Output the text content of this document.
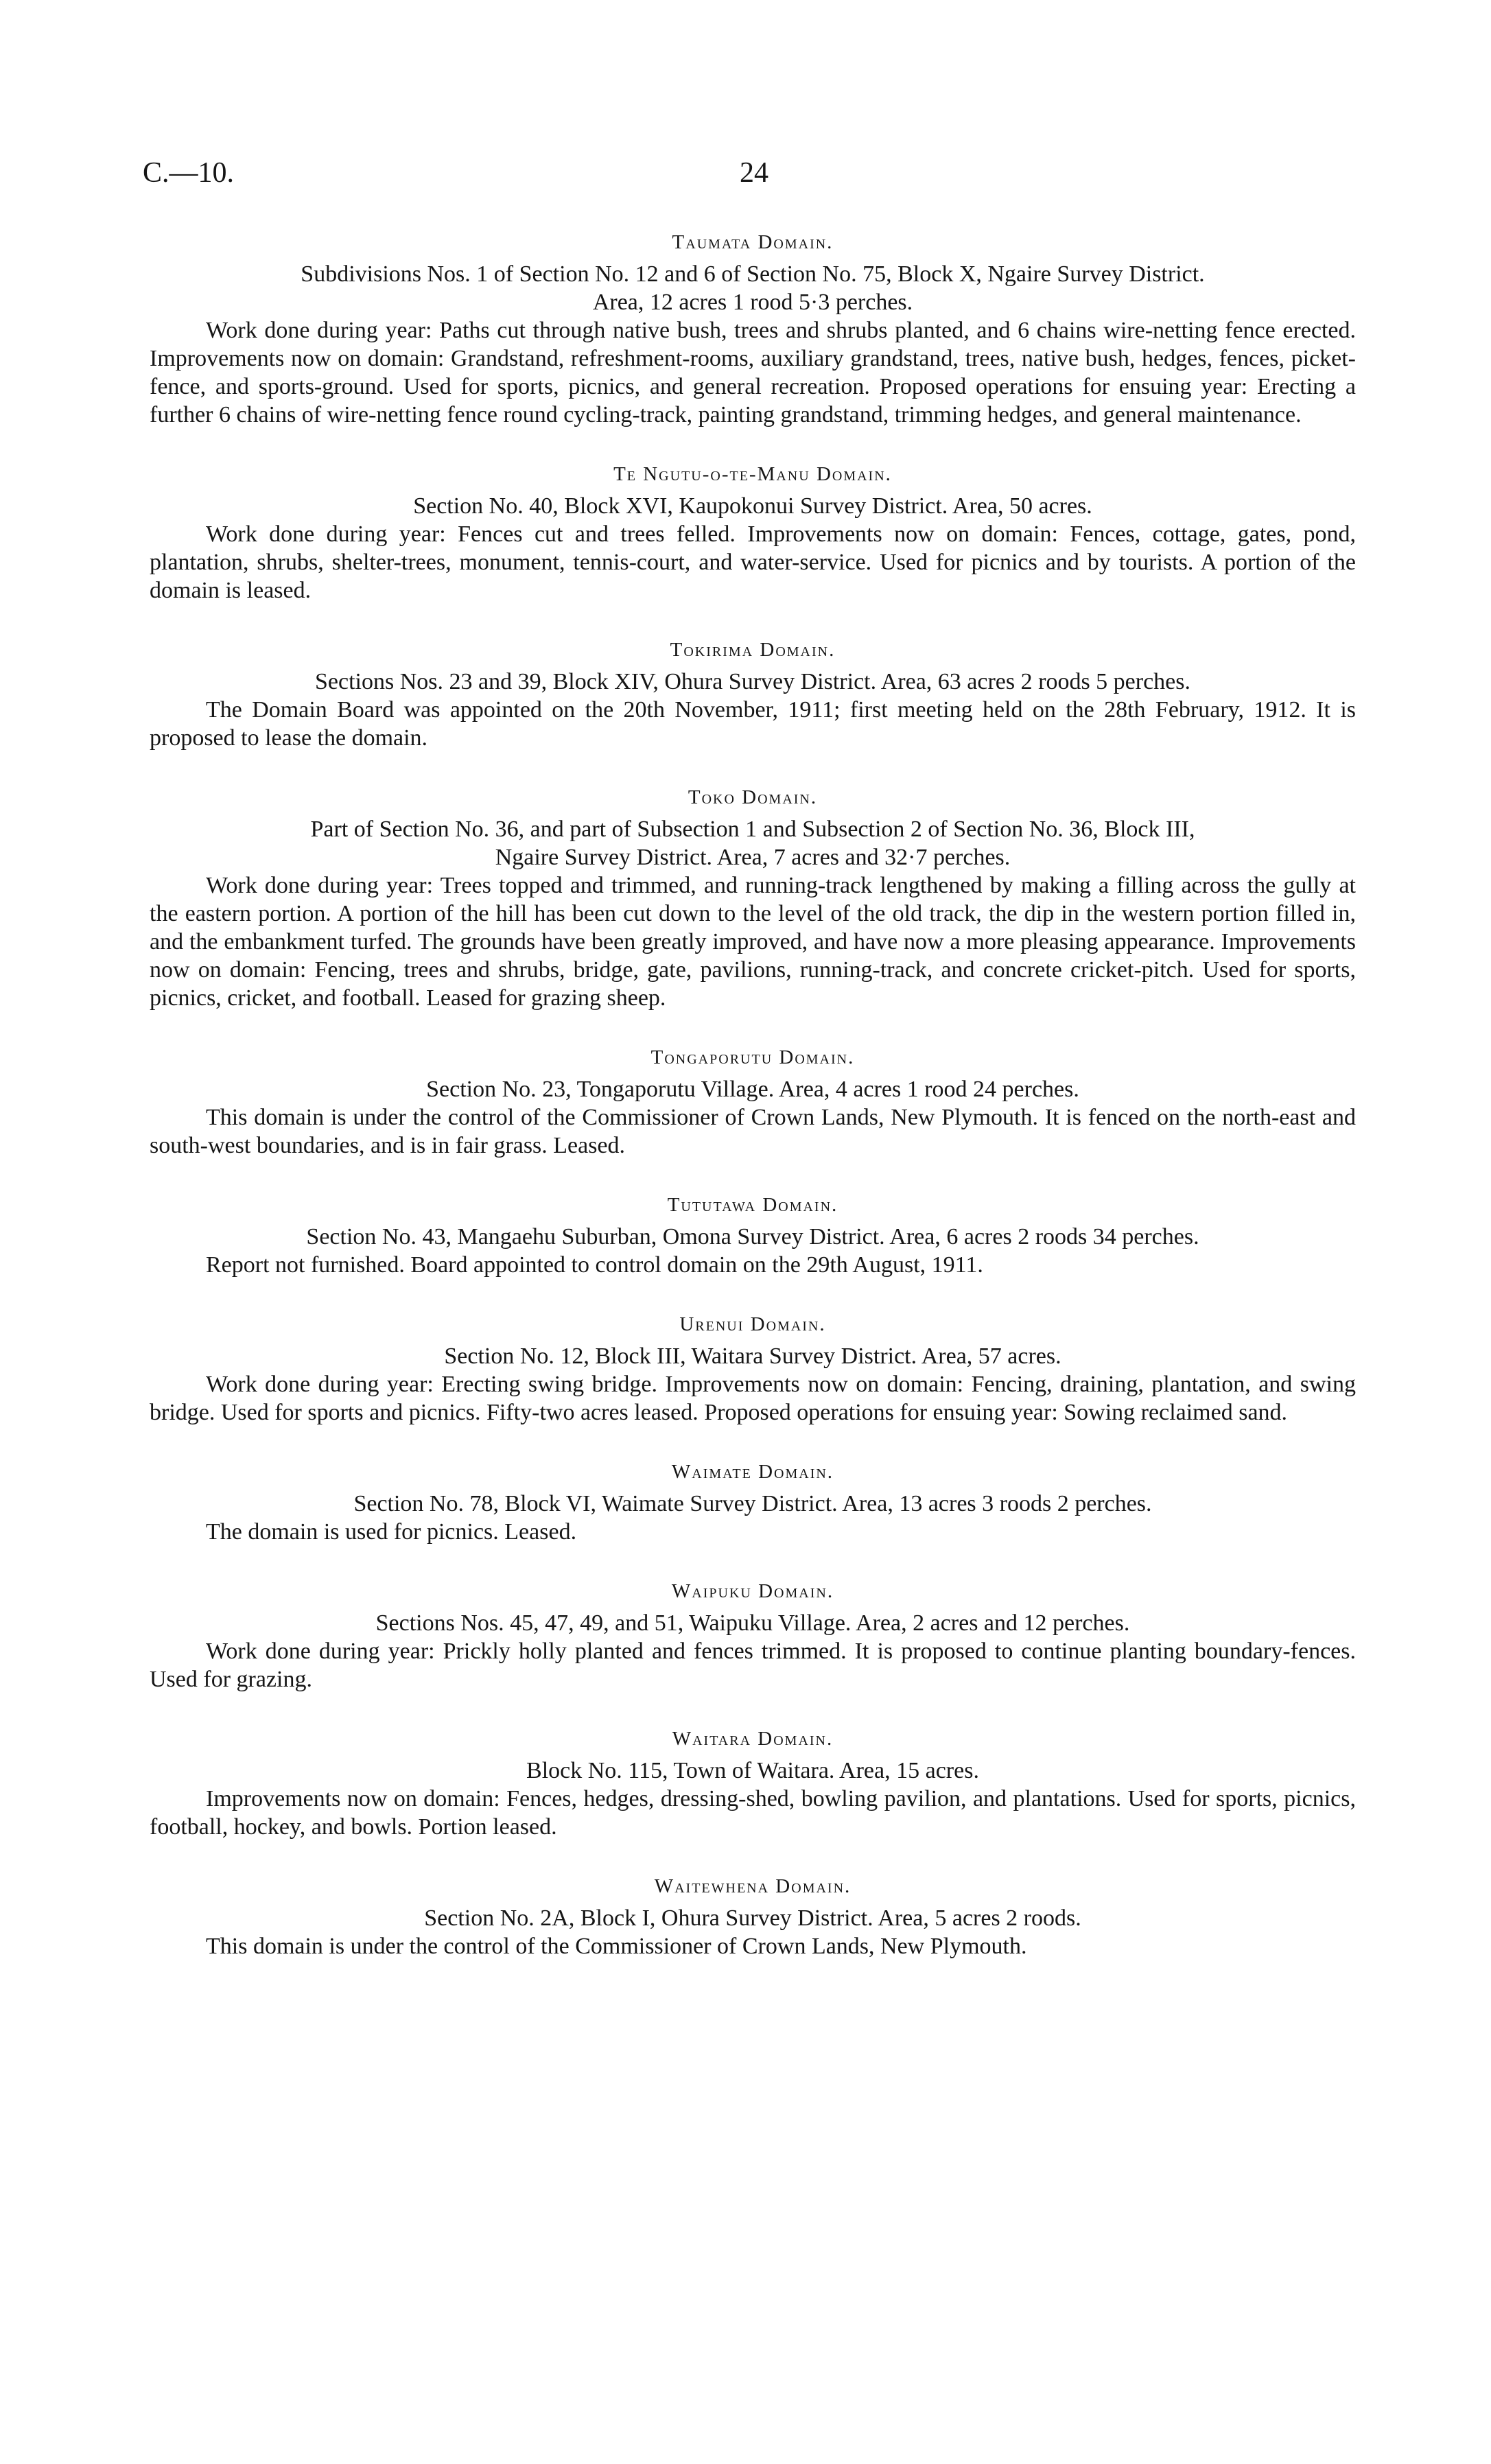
C.—10.	24

Taumata Domain.

Subdivisions Nos. 1 of Section No. 12 and 6 of Section No. 75, Block X, Ngaire Survey District.

Area, 12 acres 1 rood 5·3 perches.

Work done during year: Paths cut through native bush, trees and shrubs planted, and 6 chains wire-netting fence erected. Improvements now on domain: Grandstand, refreshment-rooms, auxiliary grandstand, trees, native bush, hedges, fences, picket-fence, and sports-ground. Used for sports, picnics, and general recreation. Proposed operations for ensuing year: Erecting a further 6 chains of wire-netting fence round cycling-track, painting grandstand, trimming hedges, and general maintenance.

Te Ngutu-o-te-Manu Domain.

Section No. 40, Block XVI, Kaupokonui Survey District. Area, 50 acres.

Work done during year: Fences cut and trees felled. Improvements now on domain: Fences, cottage, gates, pond, plantation, shrubs, shelter-trees, monument, tennis-court, and water-service. Used for picnics and by tourists. A portion of the domain is leased.

Tokirima Domain.

Sections Nos. 23 and 39, Block XIV, Ohura Survey District. Area, 63 acres 2 roods 5 perches.

The Domain Board was appointed on the 20th November, 1911; first meeting held on the 28th February, 1912. It is proposed to lease the domain.

Toko Domain.

Part of Section No. 36, and part of Subsection 1 and Subsection 2 of Section No. 36, Block III,

Ngaire Survey District. Area, 7 acres and 32·7 perches.

Work done during year: Trees topped and trimmed, and running-track lengthened by making a filling across the gully at the eastern portion. A portion of the hill has been cut down to the level of the old track, the dip in the western portion filled in, and the embankment turfed. The grounds have been greatly improved, and have now a more pleasing appearance. Improvements now on domain: Fencing, trees and shrubs, bridge, gate, pavilions, running-track, and concrete cricket-pitch. Used for sports, picnics, cricket, and football. Leased for grazing sheep.

Tongaporutu Domain.

Section No. 23, Tongaporutu Village. Area, 4 acres 1 rood 24 perches.

This domain is under the control of the Commissioner of Crown Lands, New Plymouth. It is fenced on the north-east and south-west boundaries, and is in fair grass. Leased.

Tututawa Domain.

Section No. 43, Mangaehu Suburban, Omona Survey District. Area, 6 acres 2 roods 34 perches.

Report not furnished. Board appointed to control domain on the 29th August, 1911.

Urenui Domain.

Section No. 12, Block III, Waitara Survey District. Area, 57 acres.

Work done during year: Erecting swing bridge. Improvements now on domain: Fencing, draining, plantation, and swing bridge. Used for sports and picnics. Fifty-two acres leased. Proposed operations for ensuing year: Sowing reclaimed sand.

Waimate Domain.

Section No. 78, Block VI, Waimate Survey District. Area, 13 acres 3 roods 2 perches.

The domain is used for picnics. Leased.

Waipuku Domain.

Sections Nos. 45, 47, 49, and 51, Waipuku Village. Area, 2 acres and 12 perches.

Work done during year: Prickly holly planted and fences trimmed. It is proposed to continue planting boundary-fences. Used for grazing.

Waitara Domain.

Block No. 115, Town of Waitara. Area, 15 acres.

Improvements now on domain: Fences, hedges, dressing-shed, bowling pavilion, and plantations. Used for sports, picnics, football, hockey, and bowls. Portion leased.

Waitewhena Domain.

Section No. 2A, Block I, Ohura Survey District. Area, 5 acres 2 roods.

This domain is under the control of the Commissioner of Crown Lands, New Plymouth.
